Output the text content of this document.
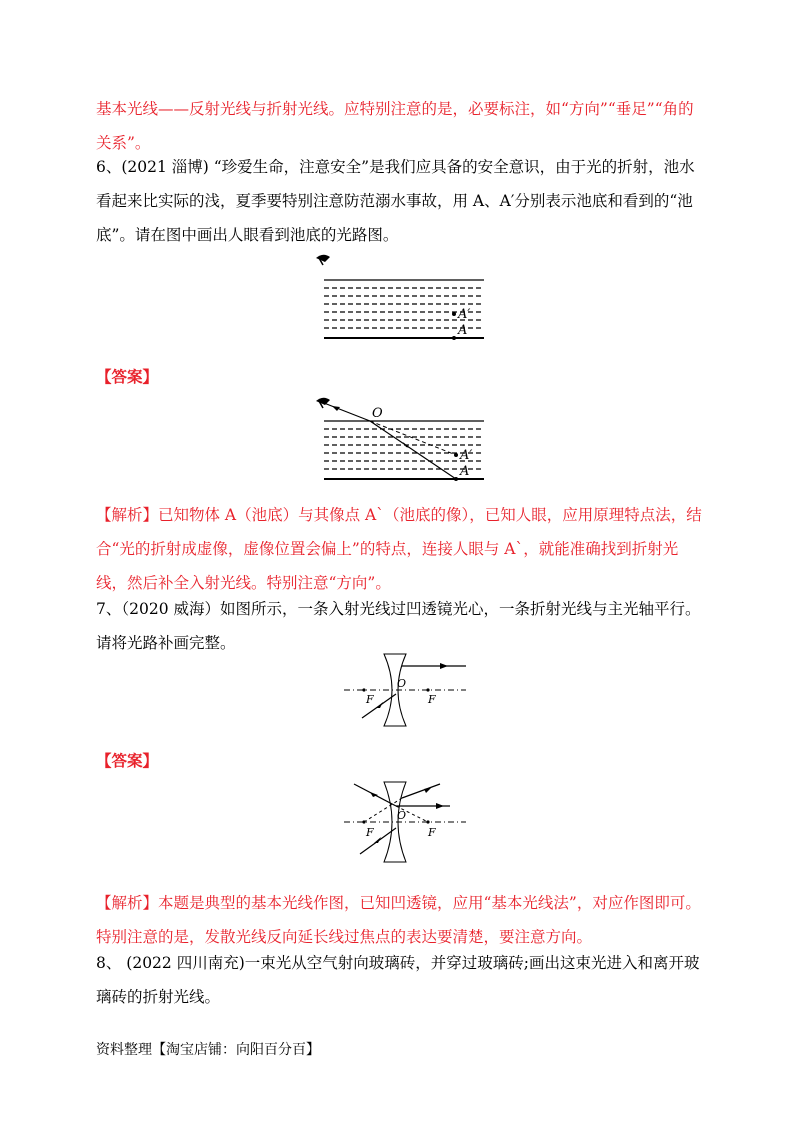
基本光线——反射光线与折射光线。应特别注意的是，必要标注，如“方向”“垂足”“角的关系”。
6、(2021 淄博) “珍爱生命，注意安全”是我们应具备的安全意识，由于光的折射，池水看起来比实际的浅，夏季要特别注意防范溺水事故，用 A、A′分别表示池底和看到的“池底”。请在图中画出人眼看到池底的光路图。
A′
A
【答案】
O
A′
A
【解析】已知物体 A（池底）与其像点 A`（池底的像），已知人眼，应用原理特点法，结合“光的折射成虚像，虚像位置会偏上”的特点，连接人眼与 A`，就能准确找到折射光线，然后补全入射光线。特别注意“方向”。
7、（2020 威海）如图所示，一条入射光线过凹透镜光心，一条折射光线与主光轴平行。请将光路补画完整。
O
F	F
【答案】
O
F	F
【解析】本题是典型的基本光线作图，已知凹透镜，应用“基本光线法”，对应作图即可。特别注意的是，发散光线反向延长线过焦点的表达要清楚，要注意方向。
8、 (2022 四川南充)一束光从空气射向玻璃砖，并穿过玻璃砖;画出这束光进入和离开玻璃砖的折射光线。
资料整理【淘宝店铺：向阳百分百】
